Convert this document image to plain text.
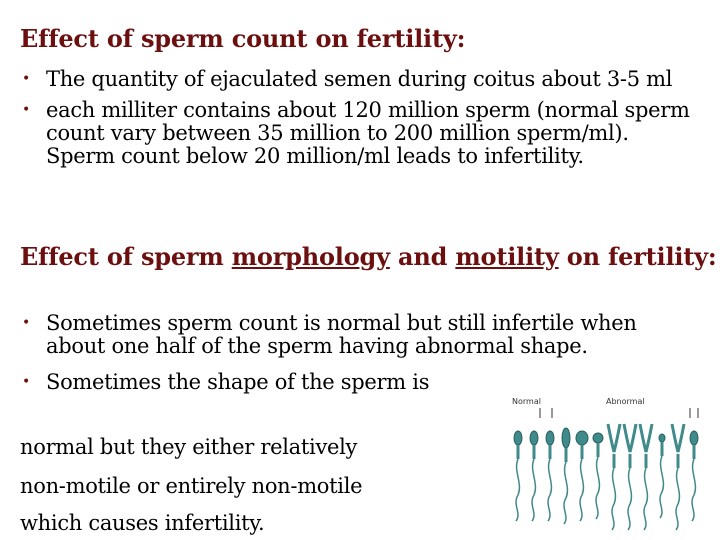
Effect of sperm count on fertility:
• The quantity of ejaculated semen during coitus about 3-5 ml
• each milliter contains about 120 million sperm (normal sperm count vary between 35 million to 200 million sperm/ml). Sperm count below 20 million/ml leads to infertility.
Effect of sperm morphology and motility on fertility:
• Sometimes sperm count is normal but still infertile when about one half of the sperm having abnormal shape.
• Sometimes the shape of the sperm is
normal but they either relatively
non-motile or entirely non-motile
which causes infertility.
Normal	Abnormal
